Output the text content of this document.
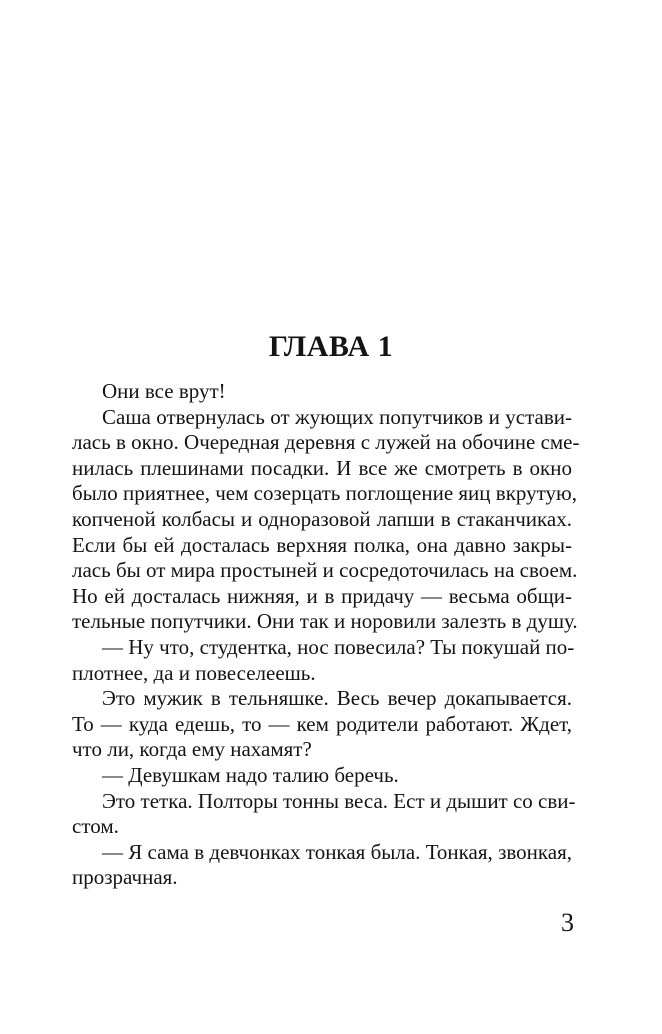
ГЛАВА 1
Они все врут!
Саша отвернулась от жующих попутчиков и устави-
лась в окно. Очередная деревня с лужей на обочине сме-
нилась плешинами посадки. И все же смотреть в окно
было приятнее, чем созерцать поглощение яиц вкрутую,
копченой колбасы и одноразовой лапши в стаканчиках.
Если бы ей досталась верхняя полка, она давно закры-
лась бы от мира простыней и сосредоточилась на своем.
Но ей досталась нижняя, и в придачу — весьма общи-
тельные попутчики. Они так и норовили залезть в душу.
— Ну что, студентка, нос повесила? Ты покушай по-
плотнее, да и повеселеешь.
Это мужик в тельняшке. Весь вечер докапывается.
То — куда едешь, то — кем родители работают. Ждет,
что ли, когда ему нахамят?
— Девушкам надо талию беречь.
Это тетка. Полторы тонны веса. Ест и дышит со сви-
стом.
— Я сама в девчонках тонкая была. Тонкая, звонкая,
прозрачная.
3
